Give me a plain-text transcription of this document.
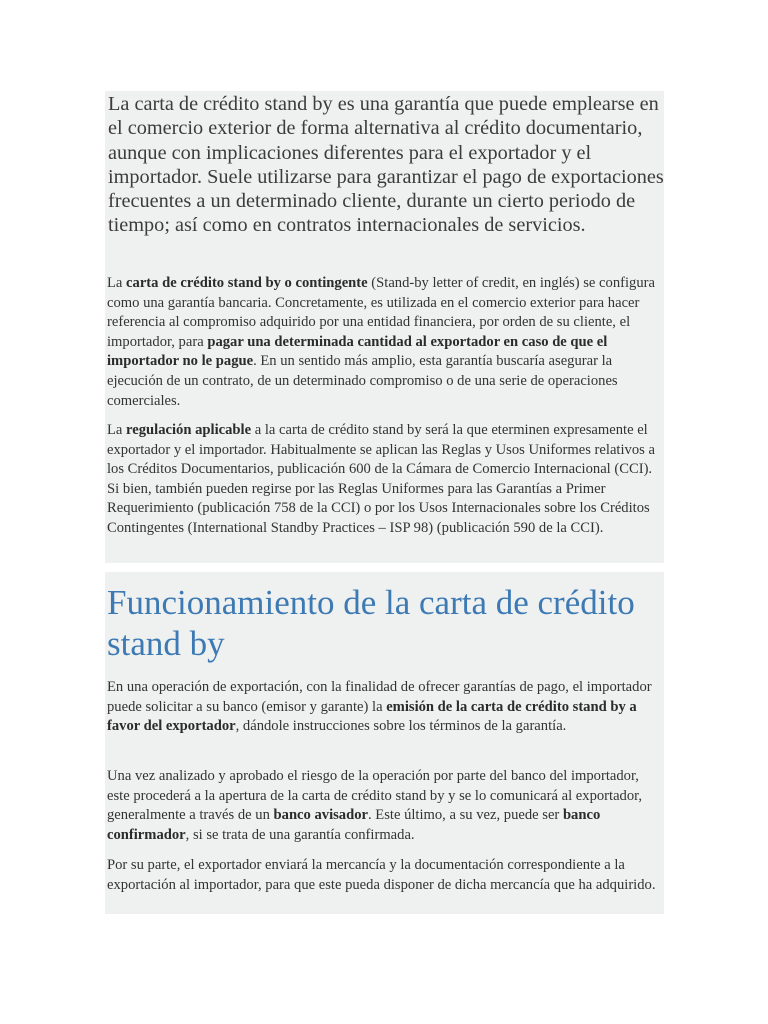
La carta de crédito stand by es una garantía que puede emplearse en el comercio exterior de forma alternativa al crédito documentario, aunque con implicaciones diferentes para el exportador y el importador. Suele utilizarse para garantizar el pago de exportaciones frecuentes a un determinado cliente, durante un cierto periodo de tiempo; así como en contratos internacionales de servicios.

La carta de crédito stand by o contingente (Stand-by letter of credit, en inglés) se configura como una garantía bancaria. Concretamente, es utilizada en el comercio exterior para hacer referencia al compromiso adquirido por una entidad financiera, por orden de su cliente, el importador, para pagar una determinada cantidad al exportador en caso de que el importador no le pague. En un sentido más amplio, esta garantía buscaría asegurar la ejecución de un contrato, de un determinado compromiso o de una serie de operaciones comerciales.

La regulación aplicable a la carta de crédito stand by será la que eterminen expresamente el exportador y el importador. Habitualmente se aplican las Reglas y Usos Uniformes relativos a los Créditos Documentarios, publicación 600 de la Cámara de Comercio Internacional (CCI). Si bien, también pueden regirse por las Reglas Uniformes para las Garantías a Primer Requerimiento (publicación 758 de la CCI) o por los Usos Internacionales sobre los Créditos Contingentes (International Standby Practices – ISP 98) (publicación 590 de la CCI).

Funcionamiento de la carta de crédito stand by

En una operación de exportación, con la finalidad de ofrecer garantías de pago, el importador puede solicitar a su banco (emisor y garante) la emisión de la carta de crédito stand by a favor del exportador, dándole instrucciones sobre los términos de la garantía.

Una vez analizado y aprobado el riesgo de la operación por parte del banco del importador, este procederá a la apertura de la carta de crédito stand by y se lo comunicará al exportador, generalmente a través de un banco avisador. Este último, a su vez, puede ser banco confirmador, si se trata de una garantía confirmada.

Por su parte, el exportador enviará la mercancía y la documentación correspondiente a la exportación al importador, para que este pueda disponer de dicha mercancía que ha adquirido.
